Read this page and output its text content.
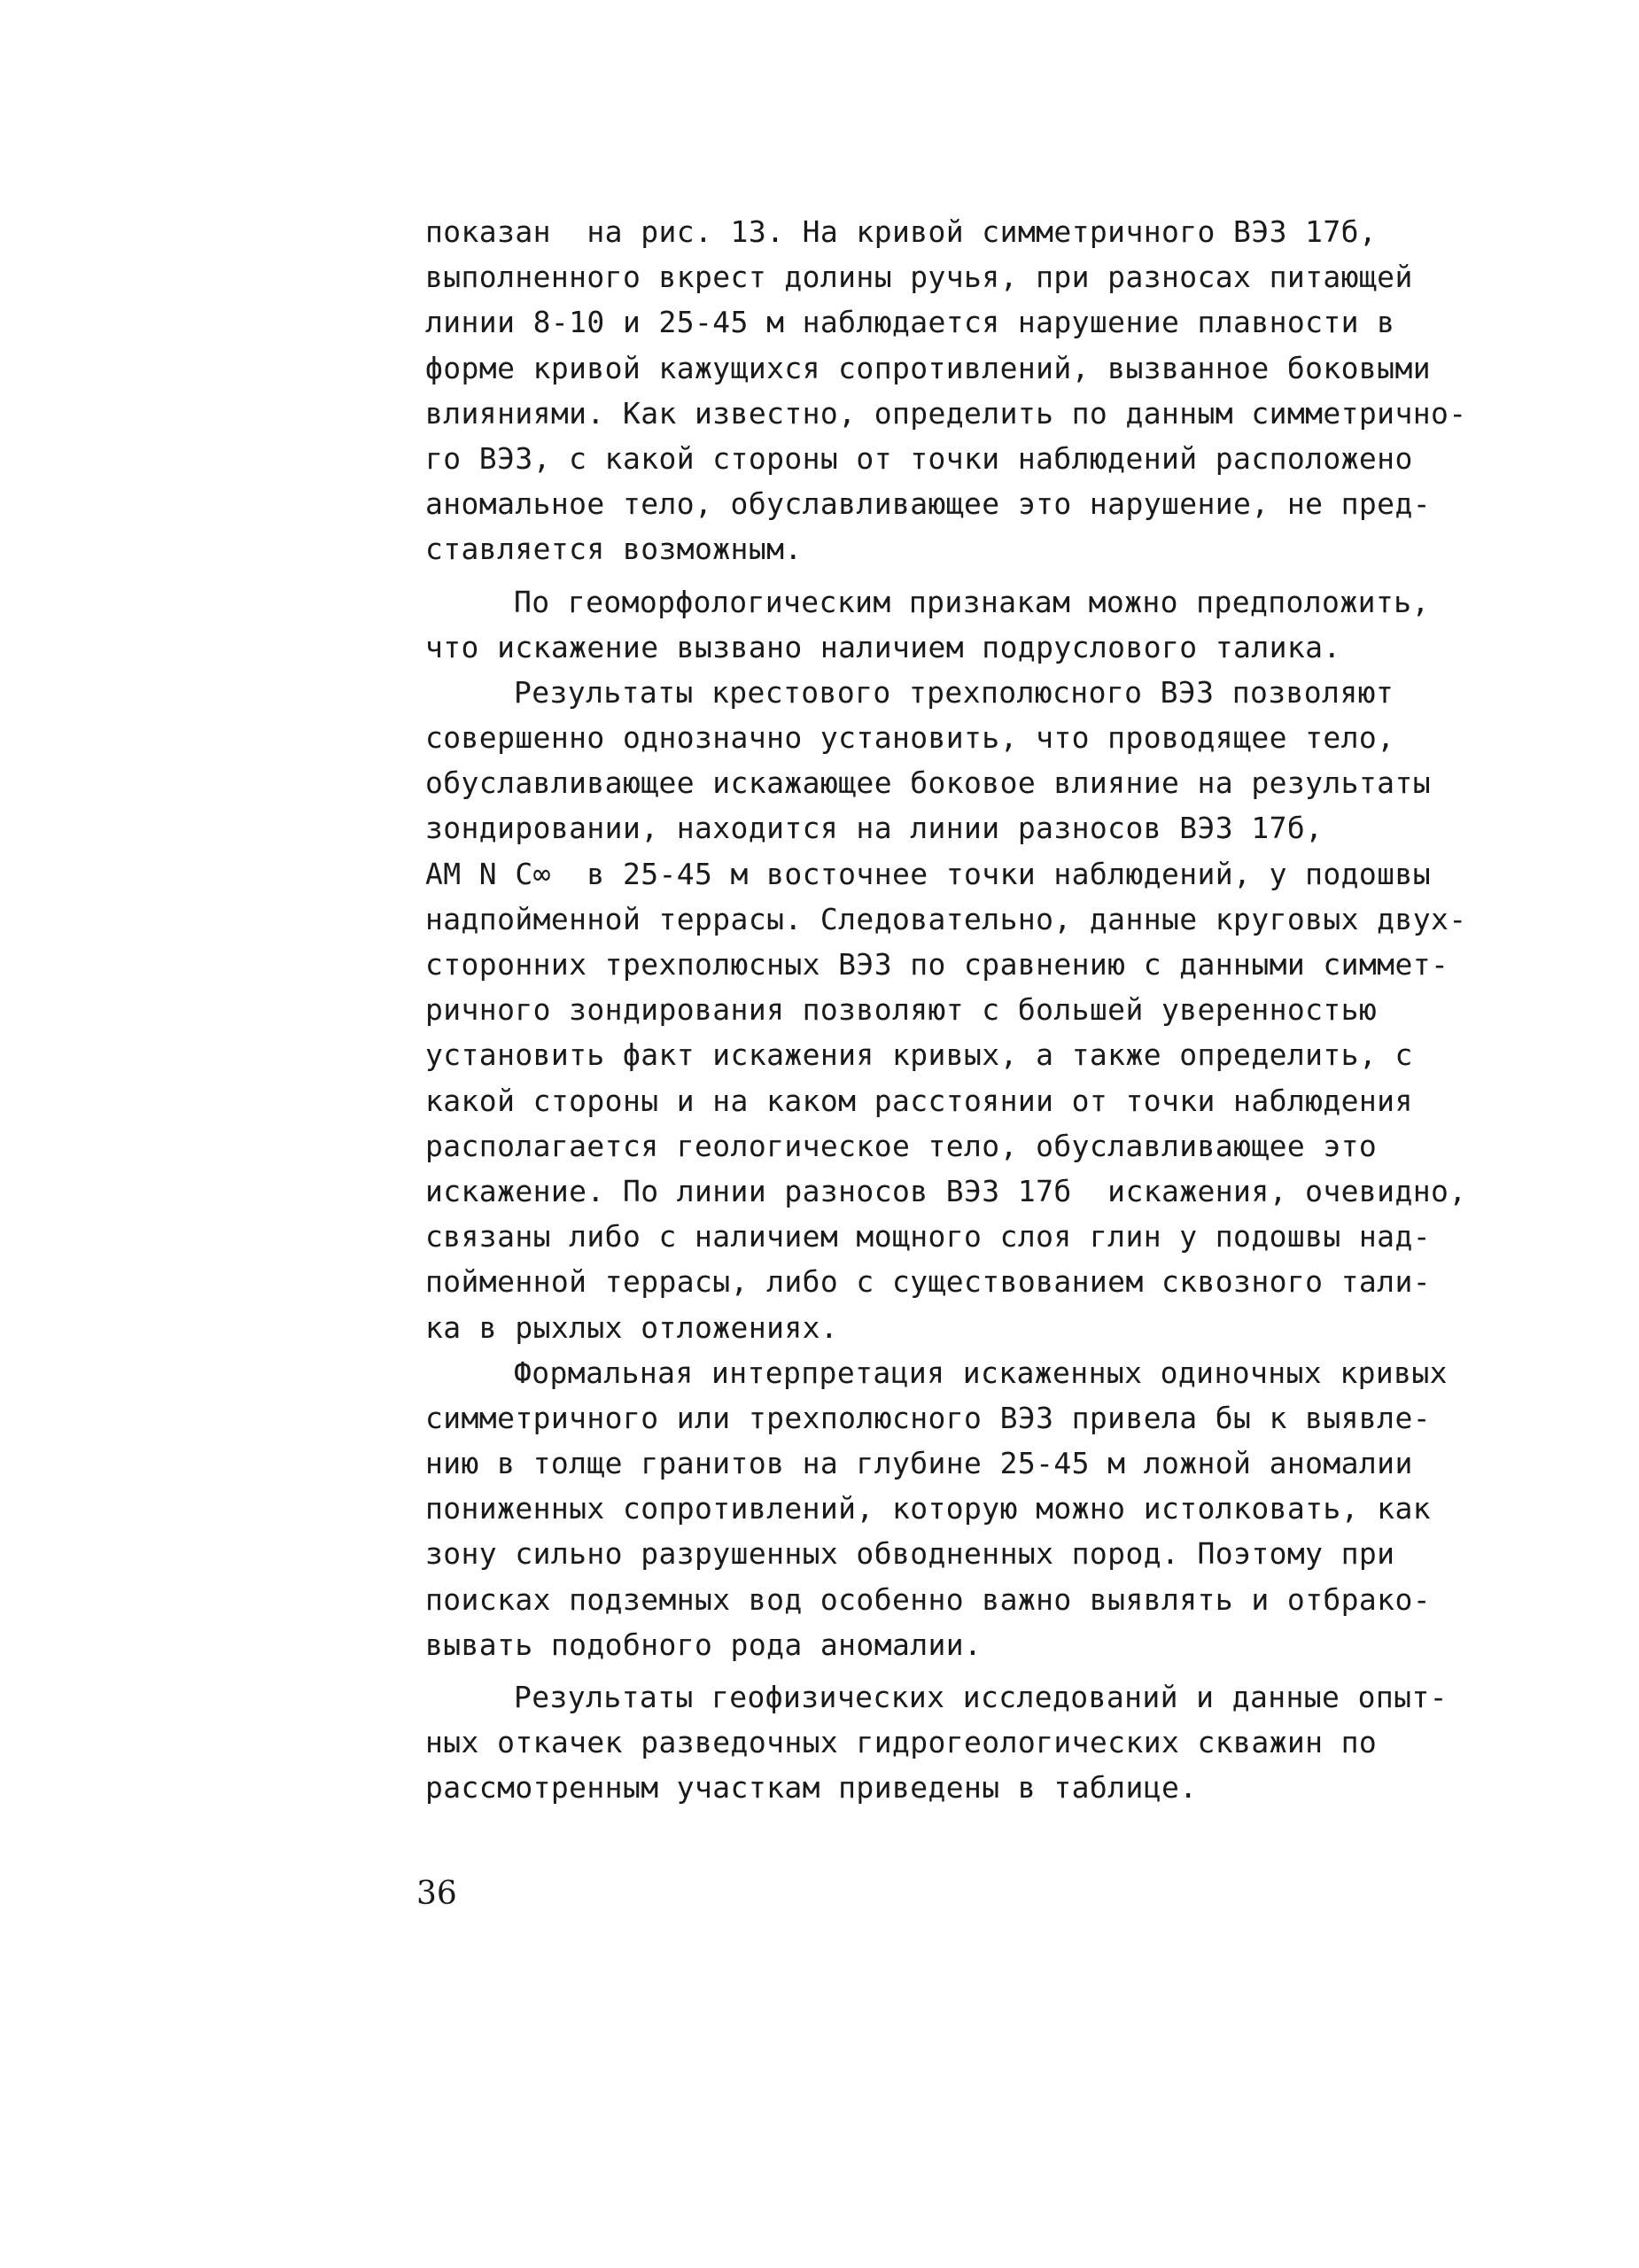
показан  на рис. 13. На кривой симметричного ВЭЗ 17б,
выполненного вкрест долины ручья, при разносах питающей
линии 8-10 и 25-45 м наблюдается нарушение плавности в
форме кривой кажущихся сопротивлений, вызванное боковыми
влияниями. Как известно, определить по данным симметрично-
го ВЭЗ, с какой стороны от точки наблюдений расположено
аномальное тело, обуславливающее это нарушение, не пред-
ставляется возможным.
По геоморфологическим признакам можно предположить,
что искажение вызвано наличием подруслового талика.
Результаты крестового трехполюсного ВЭЗ позволяют
совершенно однозначно установить, что проводящее тело,
обуславливающее искажающее боковое влияние на результаты
зондировании, находится на линии разносов ВЭЗ 17б,
AM N C∞  в 25-45 м восточнее точки наблюдений, у подошвы
надпойменной террасы. Следовательно, данные круговых двух-
сторонних трехполюсных ВЭЗ по сравнению с данными симмет-
ричного зондирования позволяют с большей уверенностью
установить факт искажения кривых, а также определить, с
какой стороны и на каком расстоянии от точки наблюдения
располагается геологическое тело, обуславливающее это
искажение. По линии разносов ВЭЗ 17б  искажения, очевидно,
связаны либо с наличием мощного слоя глин у подошвы над-
пойменной террасы, либо с существованием сквозного тали-
ка в рыхлых отложениях.
Формальная интерпретация искаженных одиночных кривых
симметричного или трехполюсного ВЭЗ привела бы к выявле-
нию в толще гранитов на глубине 25-45 м ложной аномалии
пониженных сопротивлений, которую можно истолковать, как
зону сильно разрушенных обводненных пород. Поэтому при
поисках подземных вод особенно важно выявлять и отбрако-
вывать подобного рода аномалии.
Результаты геофизических исследований и данные опыт-
ных откачек разведочных гидрогеологических скважин по
рассмотренным участкам приведены в таблице.
36
